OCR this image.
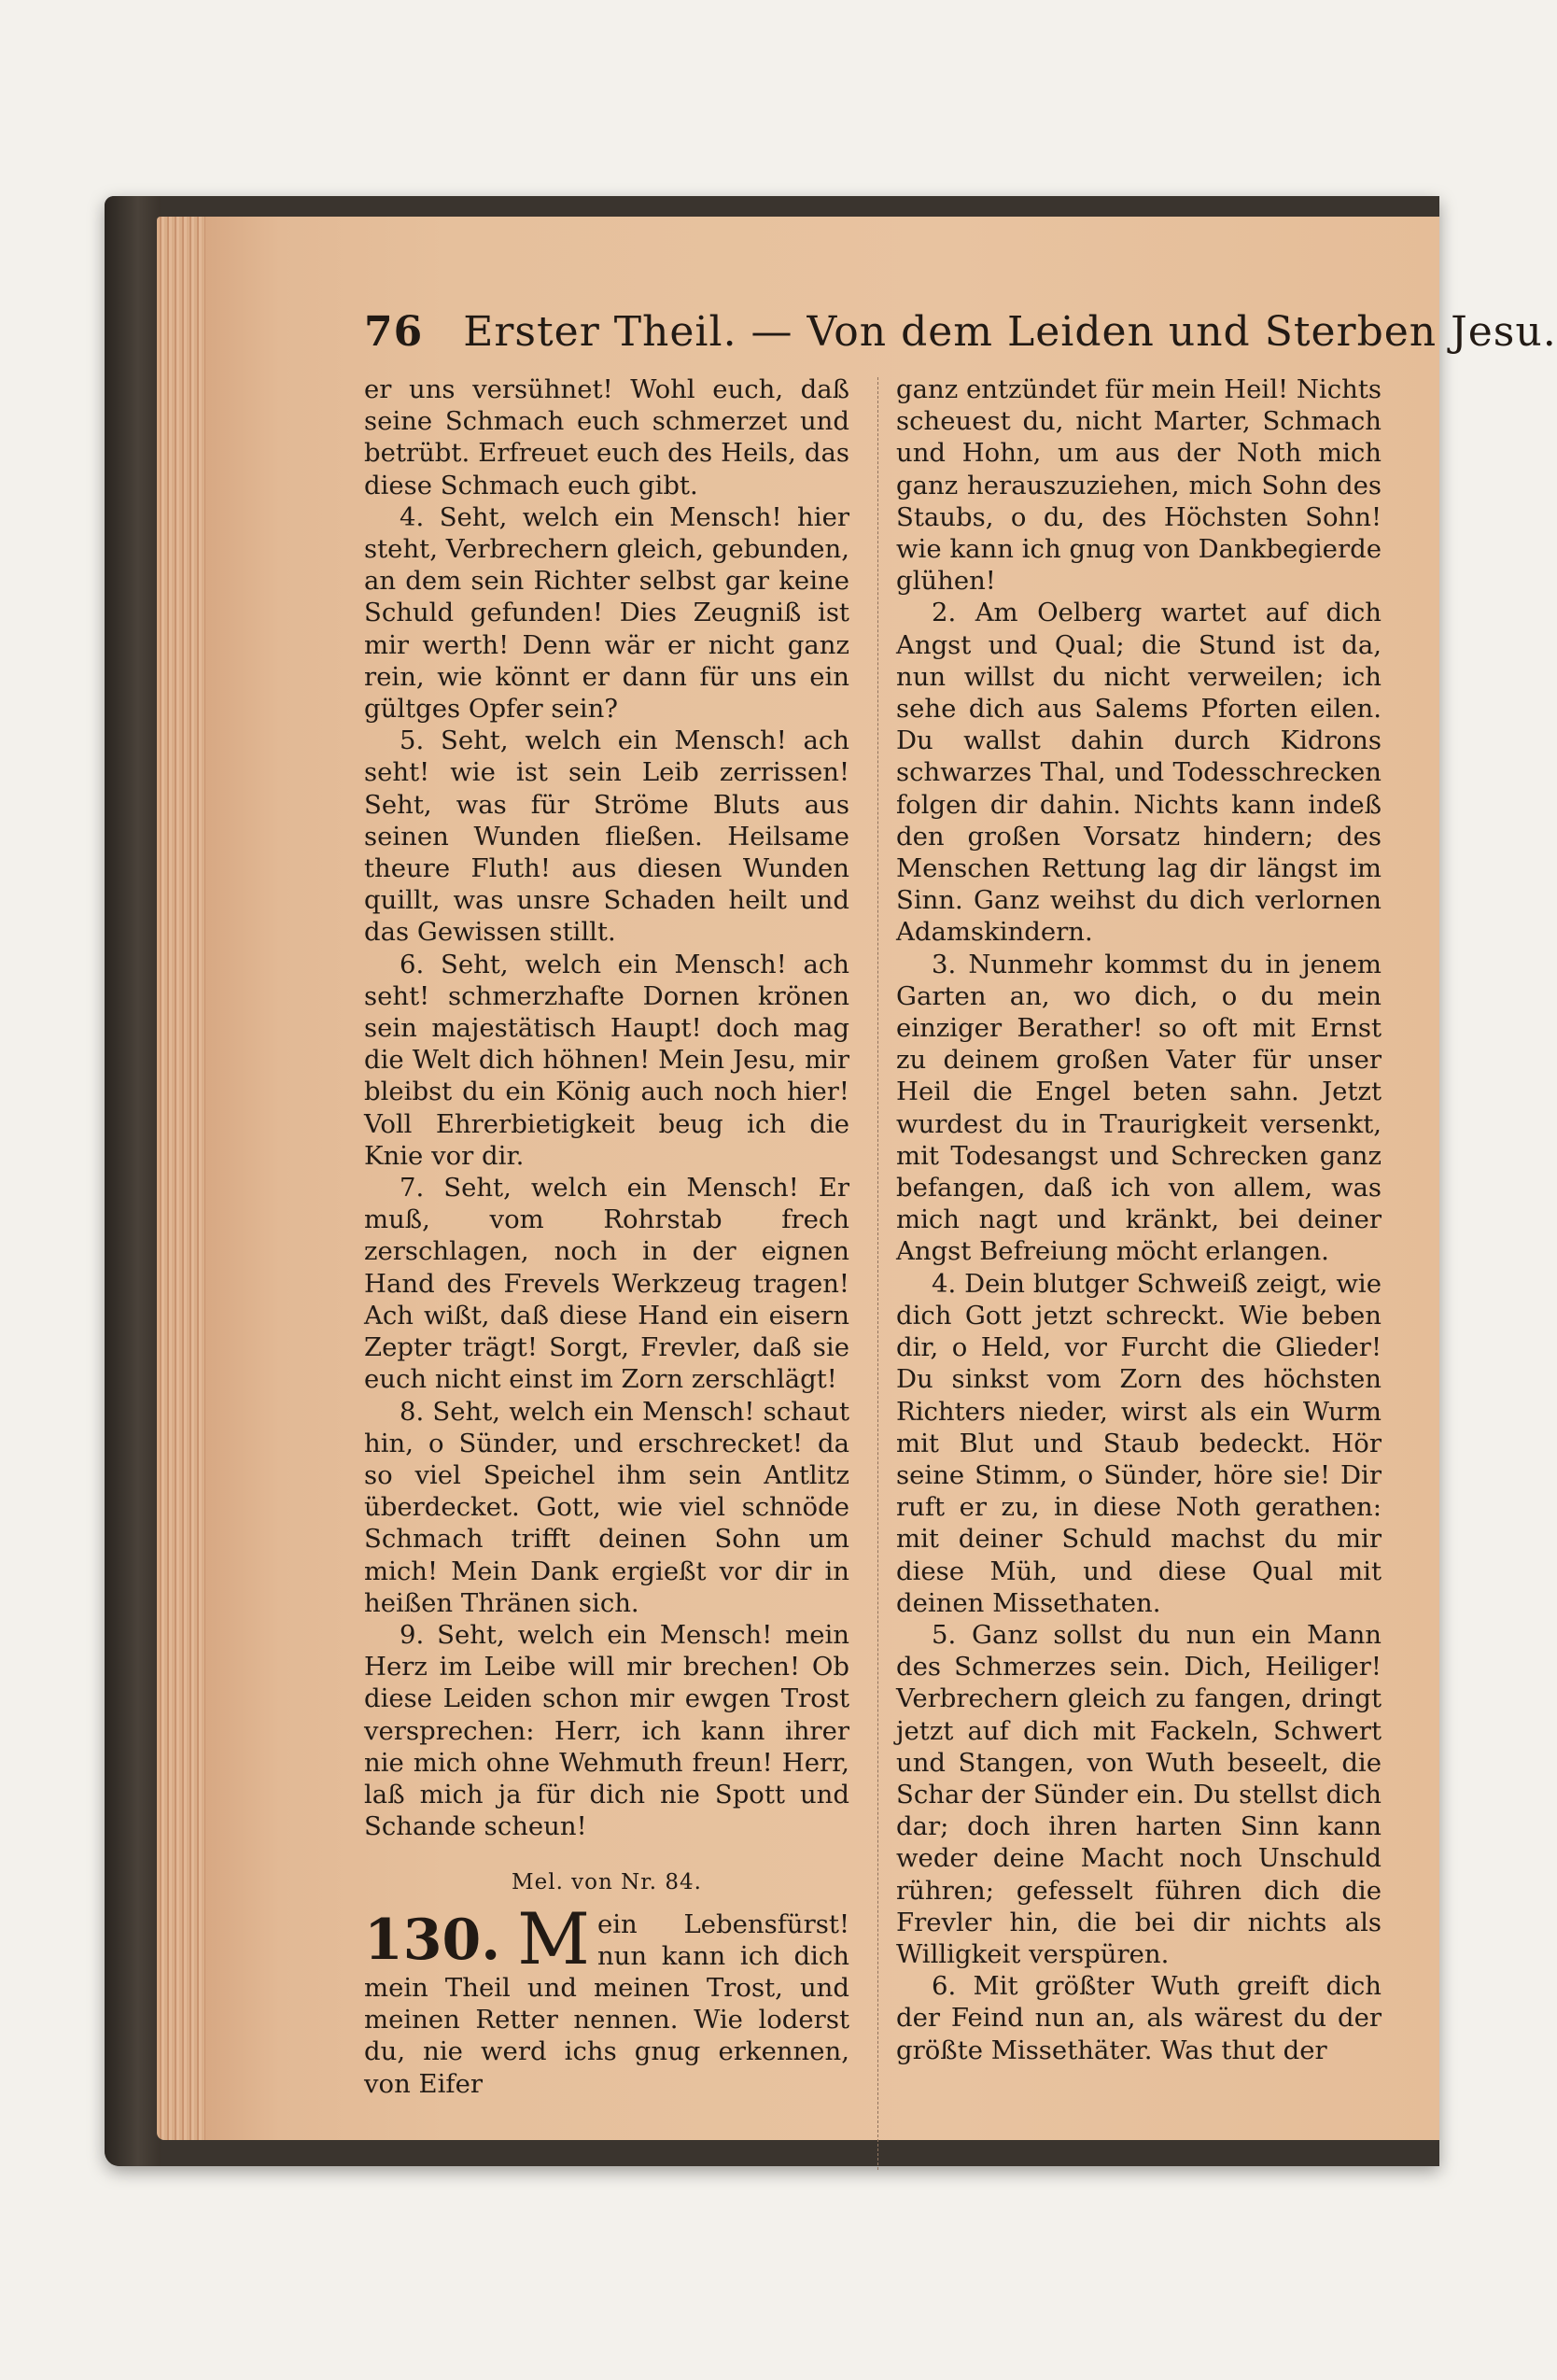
76 Erster Theil. — Von dem Leiden und Sterben Jesu.

er uns versühnet! Wohl euch, daß seine Schmach euch schmerzet und betrübt. Erfreuet euch des Heils, das diese Schmach euch gibt.

4. Seht, welch ein Mensch! hier steht, Verbrechern gleich, gebunden, an dem sein Richter selbst gar keine Schuld gefunden! Dies Zeugniß ist mir werth! Denn wär er nicht ganz rein, wie könnt er dann für uns ein gültges Opfer sein?

5. Seht, welch ein Mensch! ach seht! wie ist sein Leib zerrissen! Seht, was für Ströme Bluts aus seinen Wunden fließen. Heilsame theure Fluth! aus diesen Wunden quillt, was unsre Schaden heilt und das Gewissen stillt.

6. Seht, welch ein Mensch! ach seht! schmerzhafte Dornen krönen sein majestätisch Haupt! doch mag die Welt dich höhnen! Mein Jesu, mir bleibst du ein König auch noch hier! Voll Ehrerbietigkeit beug ich die Knie vor dir.

7. Seht, welch ein Mensch! Er muß, vom Rohrstab frech zerschlagen, noch in der eignen Hand des Frevels Werkzeug tragen! Ach wißt, daß diese Hand ein eisern Zepter trägt! Sorgt, Frevler, daß sie euch nicht einst im Zorn zerschlägt!

8. Seht, welch ein Mensch! schaut hin, o Sünder, und erschrecket! da so viel Speichel ihm sein Antlitz überdecket. Gott, wie viel schnöde Schmach trifft deinen Sohn um mich! Mein Dank ergießt vor dir in heißen Thränen sich.

9. Seht, welch ein Mensch! mein Herz im Leibe will mir brechen! Ob diese Leiden schon mir ewgen Trost versprechen: Herr, ich kann ihrer nie mich ohne Wehmuth freun! Herr, laß mich ja für dich nie Spott und Schande scheun!

Mel. von Nr. 84.
130. M ein Lebensfürst! nun kann ich dich mein Theil und meinen Trost, und meinen Retter nennen. Wie loderst du, nie werd ichs gnug erkennen, von Eifer

ganz entzündet für mein Heil! Nichts scheuest du, nicht Marter, Schmach und Hohn, um aus der Noth mich ganz herauszuziehen, mich Sohn des Staubs, o du, des Höchsten Sohn! wie kann ich gnug von Dankbegierde glühen!

2. Am Oelberg wartet auf dich Angst und Qual; die Stund ist da, nun willst du nicht verweilen; ich sehe dich aus Salems Pforten eilen. Du wallst dahin durch Kidrons schwarzes Thal, und Todesschrecken folgen dir dahin. Nichts kann indeß den großen Vorsatz hindern; des Menschen Rettung lag dir längst im Sinn. Ganz weihst du dich verlornen Adamskindern.

3. Nunmehr kommst du in jenem Garten an, wo dich, o du mein einziger Berather! so oft mit Ernst zu deinem großen Vater für unser Heil die Engel beten sahn. Jetzt wurdest du in Traurigkeit versenkt, mit Todesangst und Schrecken ganz befangen, daß ich von allem, was mich nagt und kränkt, bei deiner Angst Befreiung möcht erlangen.

4. Dein blutger Schweiß zeigt, wie dich Gott jetzt schreckt. Wie beben dir, o Held, vor Furcht die Glieder! Du sinkst vom Zorn des höchsten Richters nieder, wirst als ein Wurm mit Blut und Staub bedeckt. Hör seine Stimm, o Sünder, höre sie! Dir ruft er zu, in diese Noth gerathen: mit deiner Schuld machst du mir diese Müh, und diese Qual mit deinen Missethaten.

5. Ganz sollst du nun ein Mann des Schmerzes sein. Dich, Heiliger! Verbrechern gleich zu fangen, dringt jetzt auf dich mit Fackeln, Schwert und Stangen, von Wuth beseelt, die Schar der Sünder ein. Du stellst dich dar; doch ihren harten Sinn kann weder deine Macht noch Unschuld rühren; gefesselt führen dich die Frevler hin, die bei dir nichts als Willigkeit verspüren.

6. Mit größter Wuth greift dich der Feind nun an, als wärest du der größte Missethäter. Was thut der
